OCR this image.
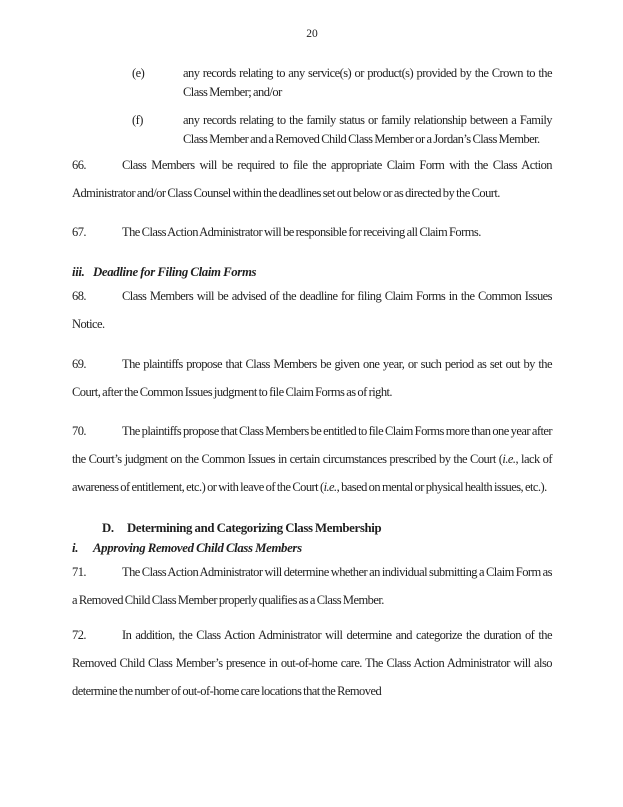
20
(e)	any records relating to any service(s) or product(s) provided by the Crown to the Class Member; and/or
(f)	any records relating to the family status or family relationship between a Family Class Member and a Removed Child Class Member or a Jordan’s Class Member.

66.	Class Members will be required to file the appropriate Claim Form with the Class Action Administrator and/or Class Counsel within the deadlines set out below or as directed by the Court.

67.	The Class Action Administrator will be responsible for receiving all Claim Forms.

iii. Deadline for Filing Claim Forms

68.	Class Members will be advised of the deadline for filing Claim Forms in the Common Issues Notice.

69.	The plaintiffs propose that Class Members be given one year, or such period as set out by the Court, after the Common Issues judgment to file Claim Forms as of right.

70.	The plaintiffs propose that Class Members be entitled to file Claim Forms more than one year after the Court’s judgment on the Common Issues in certain circumstances prescribed by the Court (i.e., lack of awareness of entitlement, etc.) or with leave of the Court (i.e., based on mental or physical health issues, etc.).

D. Determining and Categorizing Class Membership

i. Approving Removed Child Class Members

71.	The Class Action Administrator will determine whether an individual submitting a Claim Form as a Removed Child Class Member properly qualifies as a Class Member.

72.	In addition, the Class Action Administrator will determine and categorize the duration of the Removed Child Class Member’s presence in out-of-home care. The Class Action Administrator will also determine the number of out-of-home care locations that the Removed
